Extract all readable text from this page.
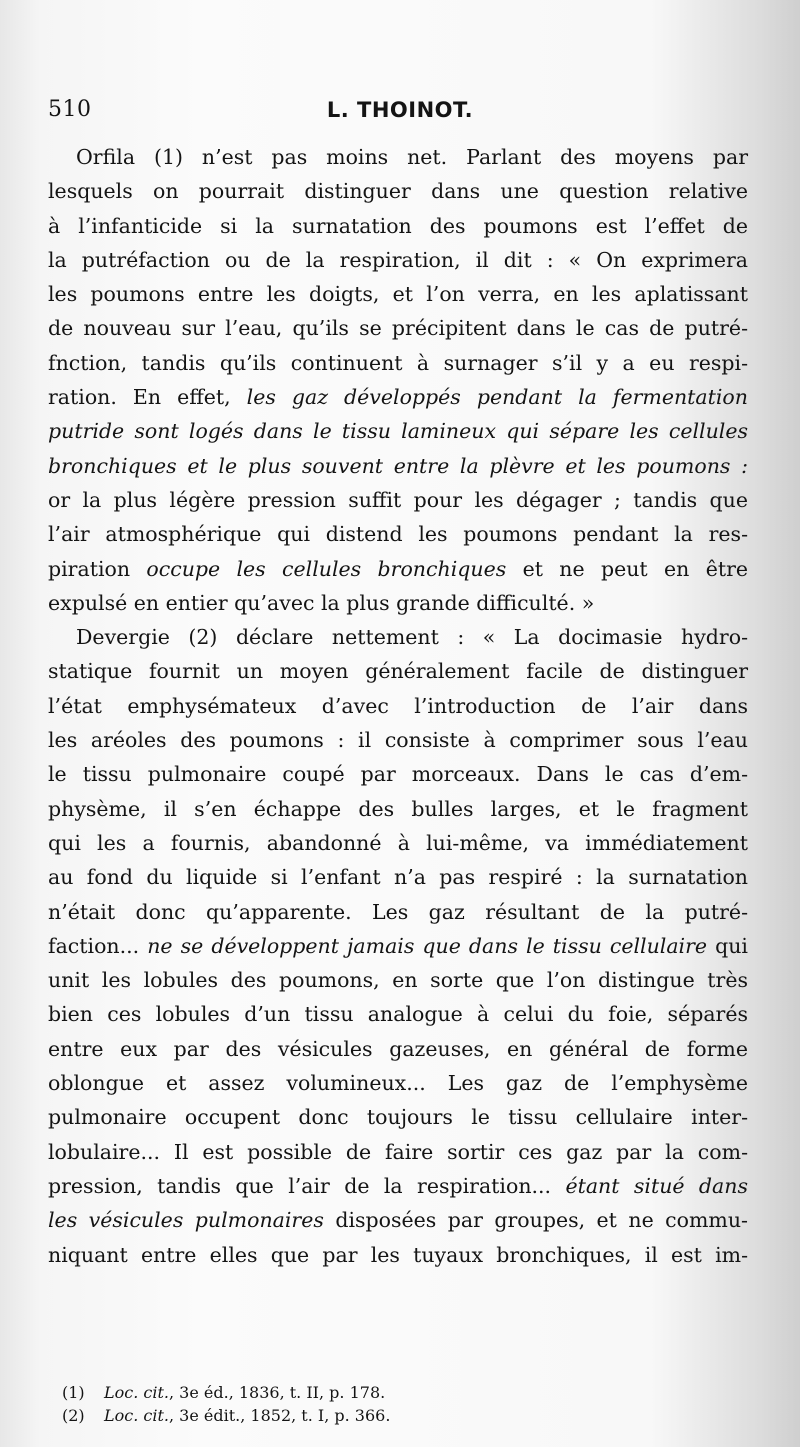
510	L. THOINOT.
Orfila (1) n’est pas moins net. Parlant des moyens par
lesquels on pourrait distinguer dans une question relative
à l’infanticide si la surnatation des poumons est l’effet de
la putréfaction ou de la respiration, il dit : « On exprimera
les poumons entre les doigts, et l’on verra, en les aplatissant
de nouveau sur l’eau, qu’ils se précipitent dans le cas de putré-
fnction, tandis qu’ils continuent à surnager s’il y a eu respi-
ration. En effet, les gaz développés pendant la fermentation
putride sont logés dans le tissu lamineux qui sépare les cellules
bronchiques et le plus souvent entre la plèvre et les poumons :
or la plus légère pression suffit pour les dégager ; tandis que
l’air atmosphérique qui distend les poumons pendant la res-
piration occupe les cellules bronchiques et ne peut en être
expulsé en entier qu’avec la plus grande difficulté. »
Devergie (2) déclare nettement : « La docimasie hydro-
statique fournit un moyen généralement facile de distinguer
l’état emphysémateux d’avec l’introduction de l’air dans
les aréoles des poumons : il consiste à comprimer sous l’eau
le tissu pulmonaire coupé par morceaux. Dans le cas d’em-
physème, il s’en échappe des bulles larges, et le fragment
qui les a fournis, abandonné à lui-même, va immédiatement
au fond du liquide si l’enfant n’a pas respiré : la surnatation
n’était donc qu’apparente. Les gaz résultant de la putré-
faction... ne se développent jamais que dans le tissu cellulaire qui
unit les lobules des poumons, en sorte que l’on distingue très
bien ces lobules d’un tissu analogue à celui du foie, séparés
entre eux par des vésicules gazeuses, en général de forme
oblongue et assez volumineux... Les gaz de l’emphysème
pulmonaire occupent donc toujours le tissu cellulaire inter-
lobulaire... Il est possible de faire sortir ces gaz par la com-
pression, tandis que l’air de la respiration... étant situé dans
les vésicules pulmonaires disposées par groupes, et ne commu-
niquant entre elles que par les tuyaux bronchiques, il est im-
(1) Loc. cit., 3e éd., 1836, t. II, p. 178.
(2) Loc. cit., 3e édit., 1852, t. I, p. 366.
